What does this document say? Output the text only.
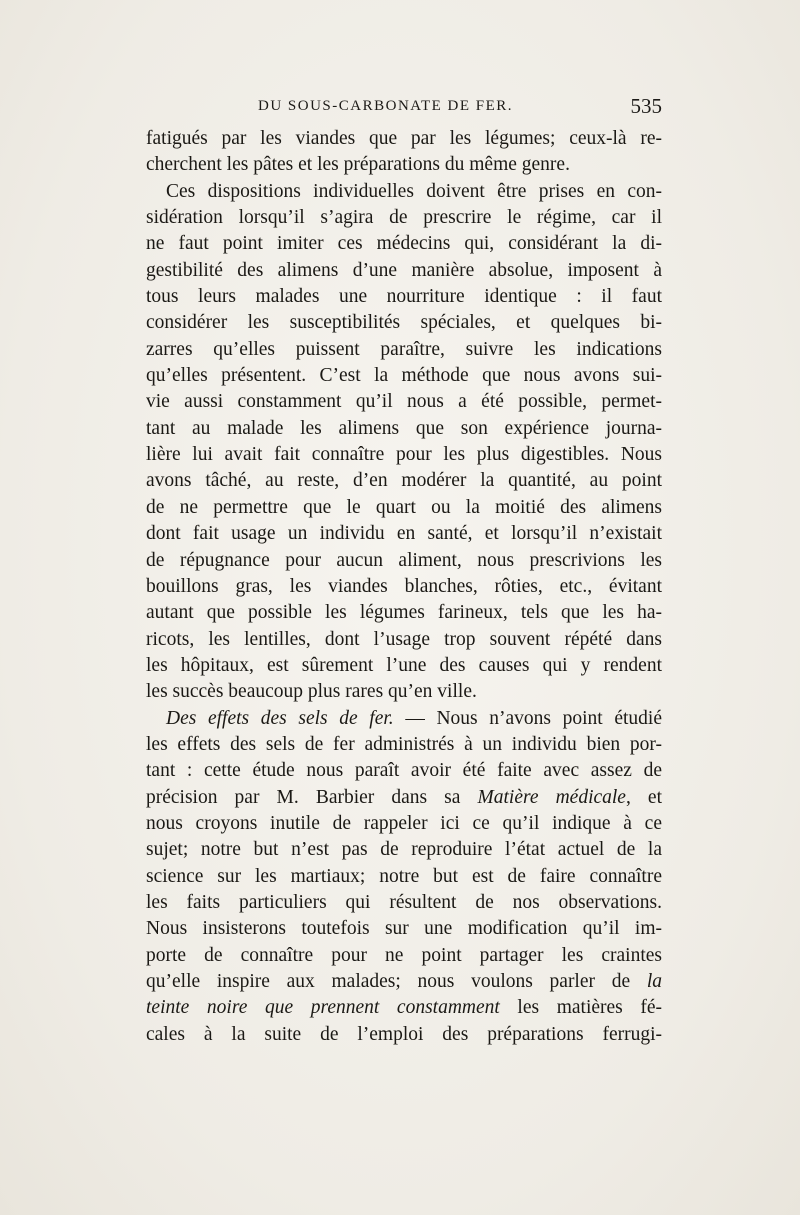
DU SOUS-CARBONATE DE FER.	535
fatigués par les viandes que par les légumes; ceux-là re-
cherchent les pâtes et les préparations du même genre.
Ces dispositions individuelles doivent être prises en con-
sidération lorsqu’il s’agira de prescrire le régime, car il
ne faut point imiter ces médecins qui, considérant la di-
gestibilité des alimens d’une manière absolue, imposent à
tous leurs malades une nourriture identique : il faut
considérer les susceptibilités spéciales, et quelques bi-
zarres qu’elles puissent paraître, suivre les indications
qu’elles présentent. C’est la méthode que nous avons sui-
vie aussi constamment qu’il nous a été possible, permet-
tant au malade les alimens que son expérience journa-
lière lui avait fait connaître pour les plus digestibles. Nous
avons tâché, au reste, d’en modérer la quantité, au point
de ne permettre que le quart ou la moitié des alimens
dont fait usage un individu en santé, et lorsqu’il n’existait
de répugnance pour aucun aliment, nous prescrivions les
bouillons gras, les viandes blanches, rôties, etc., évitant
autant que possible les légumes farineux, tels que les ha-
ricots, les lentilles, dont l’usage trop souvent répété dans
les hôpitaux, est sûrement l’une des causes qui y rendent
les succès beaucoup plus rares qu’en ville.
Des effets des sels de fer. — Nous n’avons point étudié
les effets des sels de fer administrés à un individu bien por-
tant : cette étude nous paraît avoir été faite avec assez de
précision par M. Barbier dans sa Matière médicale, et
nous croyons inutile de rappeler ici ce qu’il indique à ce
sujet; notre but n’est pas de reproduire l’état actuel de la
science sur les martiaux; notre but est de faire connaître
les faits particuliers qui résultent de nos observations.
Nous insisterons toutefois sur une modification qu’il im-
porte de connaître pour ne point partager les craintes
qu’elle inspire aux malades; nous voulons parler de la
teinte noire que prennent constamment les matières fé-
cales à la suite de l’emploi des préparations ferrugi-
